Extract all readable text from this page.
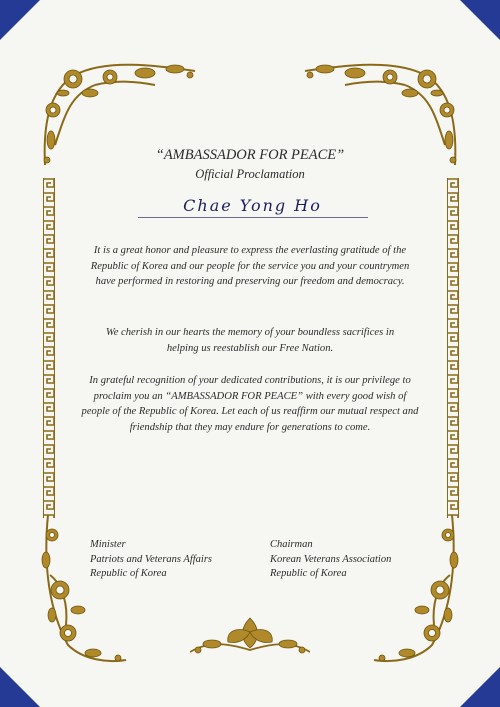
“AMBASSADOR FOR PEACE”
Official Proclamation
Chae Yong Ho
It is a great honor and pleasure to express the everlasting gratitude of the Republic of Korea and our people for the service you and your countrymen have performed in restoring and preserving our freedom and democracy.
We cherish in our hearts the memory of your boundless sacrifices in helping us reestablish our Free Nation.
In grateful recognition of your dedicated contributions, it is our privilege to proclaim you an “AMBASSADOR FOR PEACE” with every good wish of people of the Republic of Korea. Let each of us reaffirm our mutual respect and friendship that they may endure for generations to come.
Minister
Patriots and Veterans Affairs
Republic of Korea
Chairman
Korean Veterans Association
Republic of Korea
